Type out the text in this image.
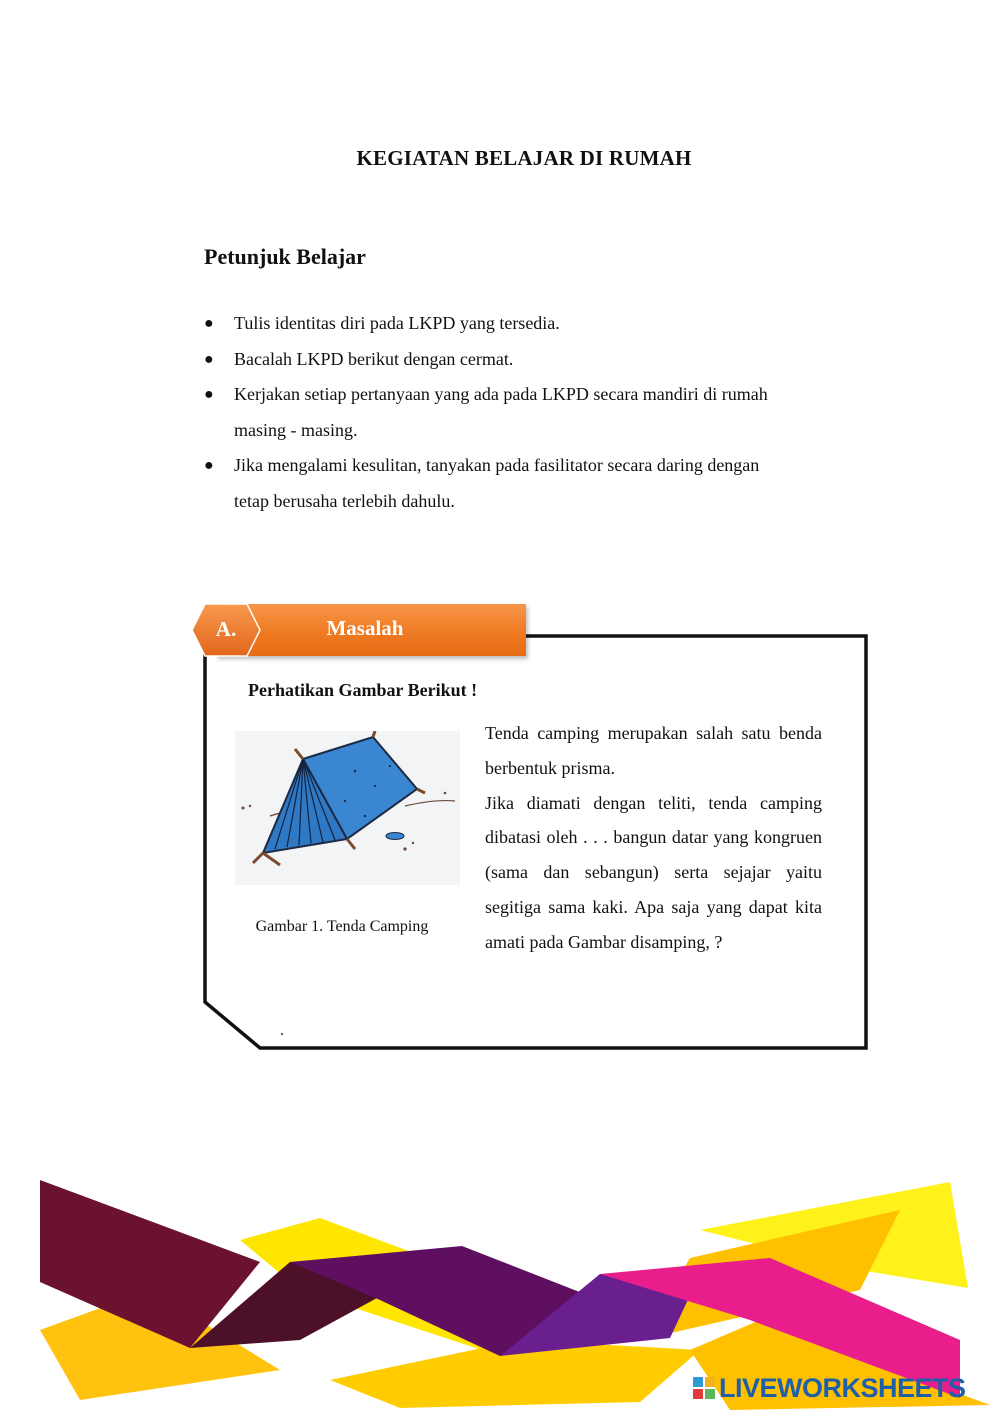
KEGIATAN BELAJAR DI RUMAH
Petunjuk Belajar
● Tulis identitas diri pada LKPD yang tersedia.
● Bacalah LKPD berikut dengan cermat.
● Kerjakan setiap pertanyaan yang ada pada LKPD secara mandiri di rumah
masing - masing.
● Jika mengalami kesulitan, tanyakan pada fasilitator secara daring dengan
tetap berusaha terlebih dahulu.
Masalah
A.
Perhatikan Gambar Berikut !
Gambar 1. Tenda Camping

Tenda camping merupakan salah satu benda berbentuk prisma.

Jika diamati dengan teliti, tenda camping dibatasi oleh . . . bangun datar yang kongruen (sama dan sebangun) serta sejajar yaitu segitiga sama kaki. Apa saja yang dapat kita amati pada Gambar disamping, ?

.
LIVEWORKSHEETS
